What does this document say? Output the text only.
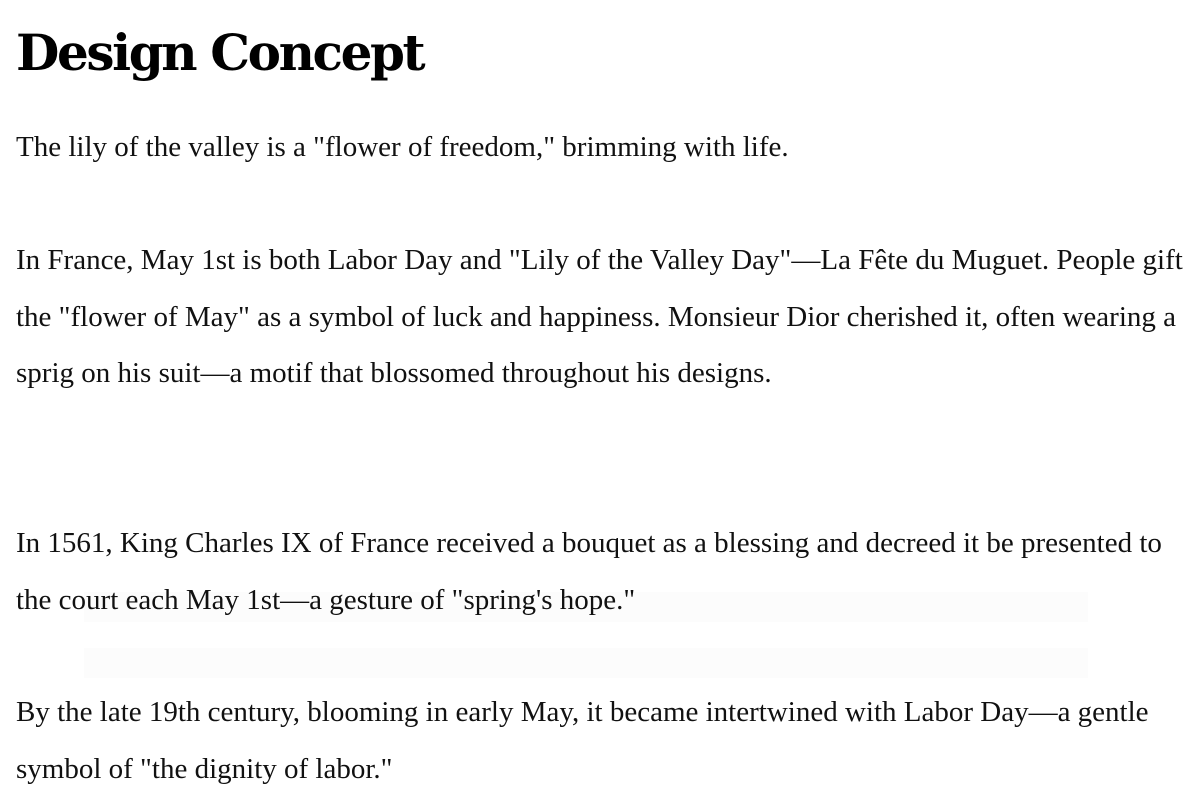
Design Concept

The lily of the valley is a "flower of freedom," brimming with life.

In France, May 1st is both Labor Day and "Lily of the Valley Day"—La Fête du Muguet. People gift the "flower of May" as a symbol of luck and happiness. Monsieur Dior cherished it, often wearing a sprig on his suit—a motif that blossomed throughout his designs.

In 1561, King Charles IX of France received a bouquet as a blessing and decreed it be presented to the court each May 1st—a gesture of "spring's hope."

By the late 19th century, blooming in early May, it became intertwined with Labor Day—a gentle symbol of "the dignity of labor."
